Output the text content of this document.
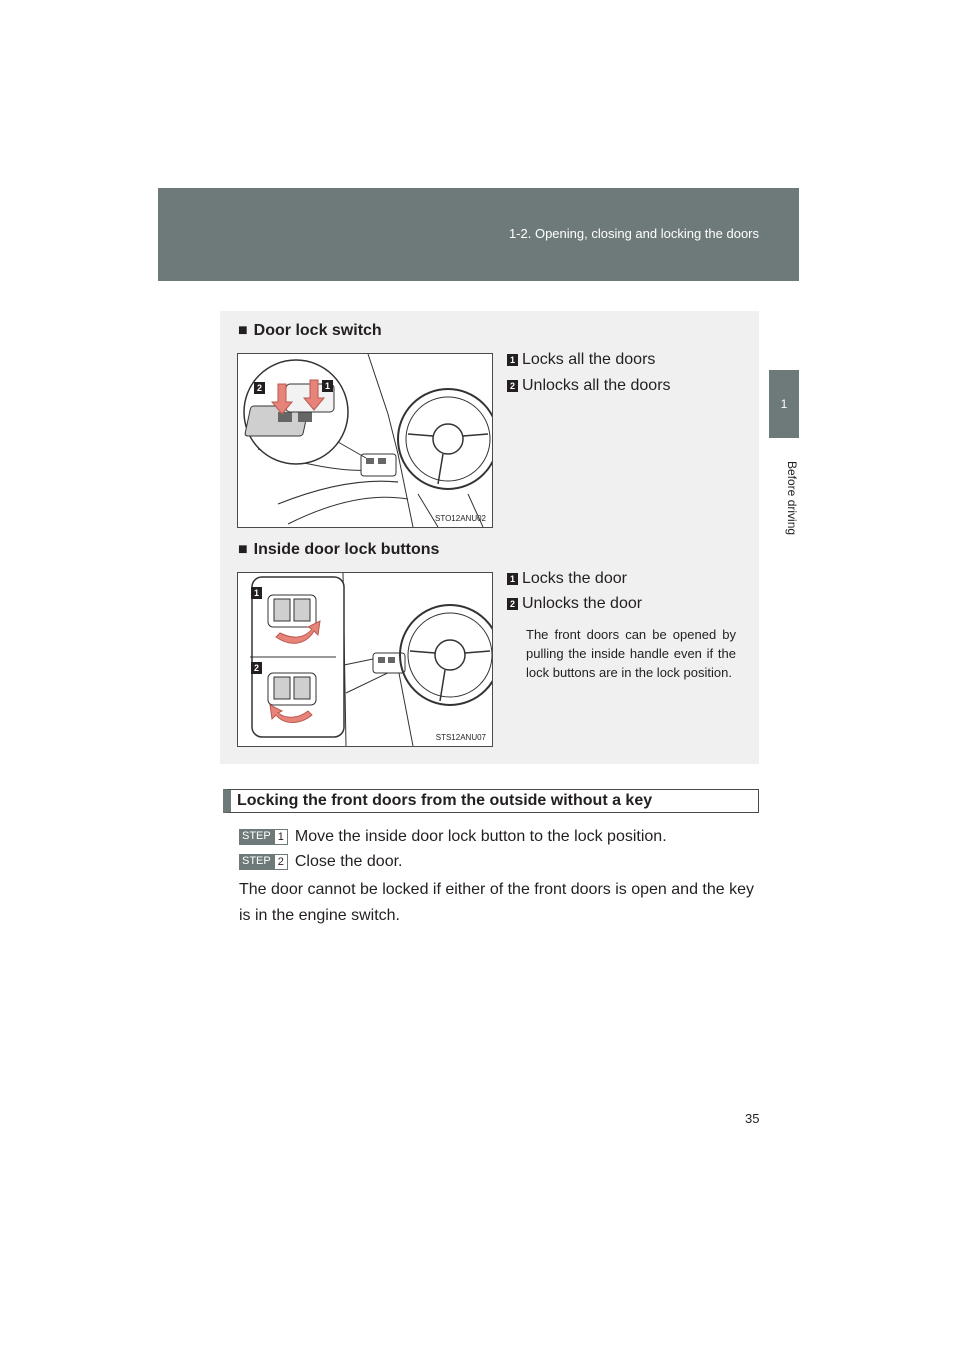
1-2. Opening, closing and locking the doors
1
Before driving
■ Door lock switch
2	1
STO12ANU02
1 Locks all the doors
2 Unlocks all the doors
■ Inside door lock buttons
1
2
STS12ANU07
1 Locks the door
2 Unlocks the door
The front doors can be opened by pulling the inside handle even if the lock buttons are in the lock position.
Locking the front doors from the outside without a key
STEP 1 Move the inside door lock button to the lock position.
STEP 2 Close the door.
The door cannot be locked if either of the front doors is open and the key is in the engine switch.
35
